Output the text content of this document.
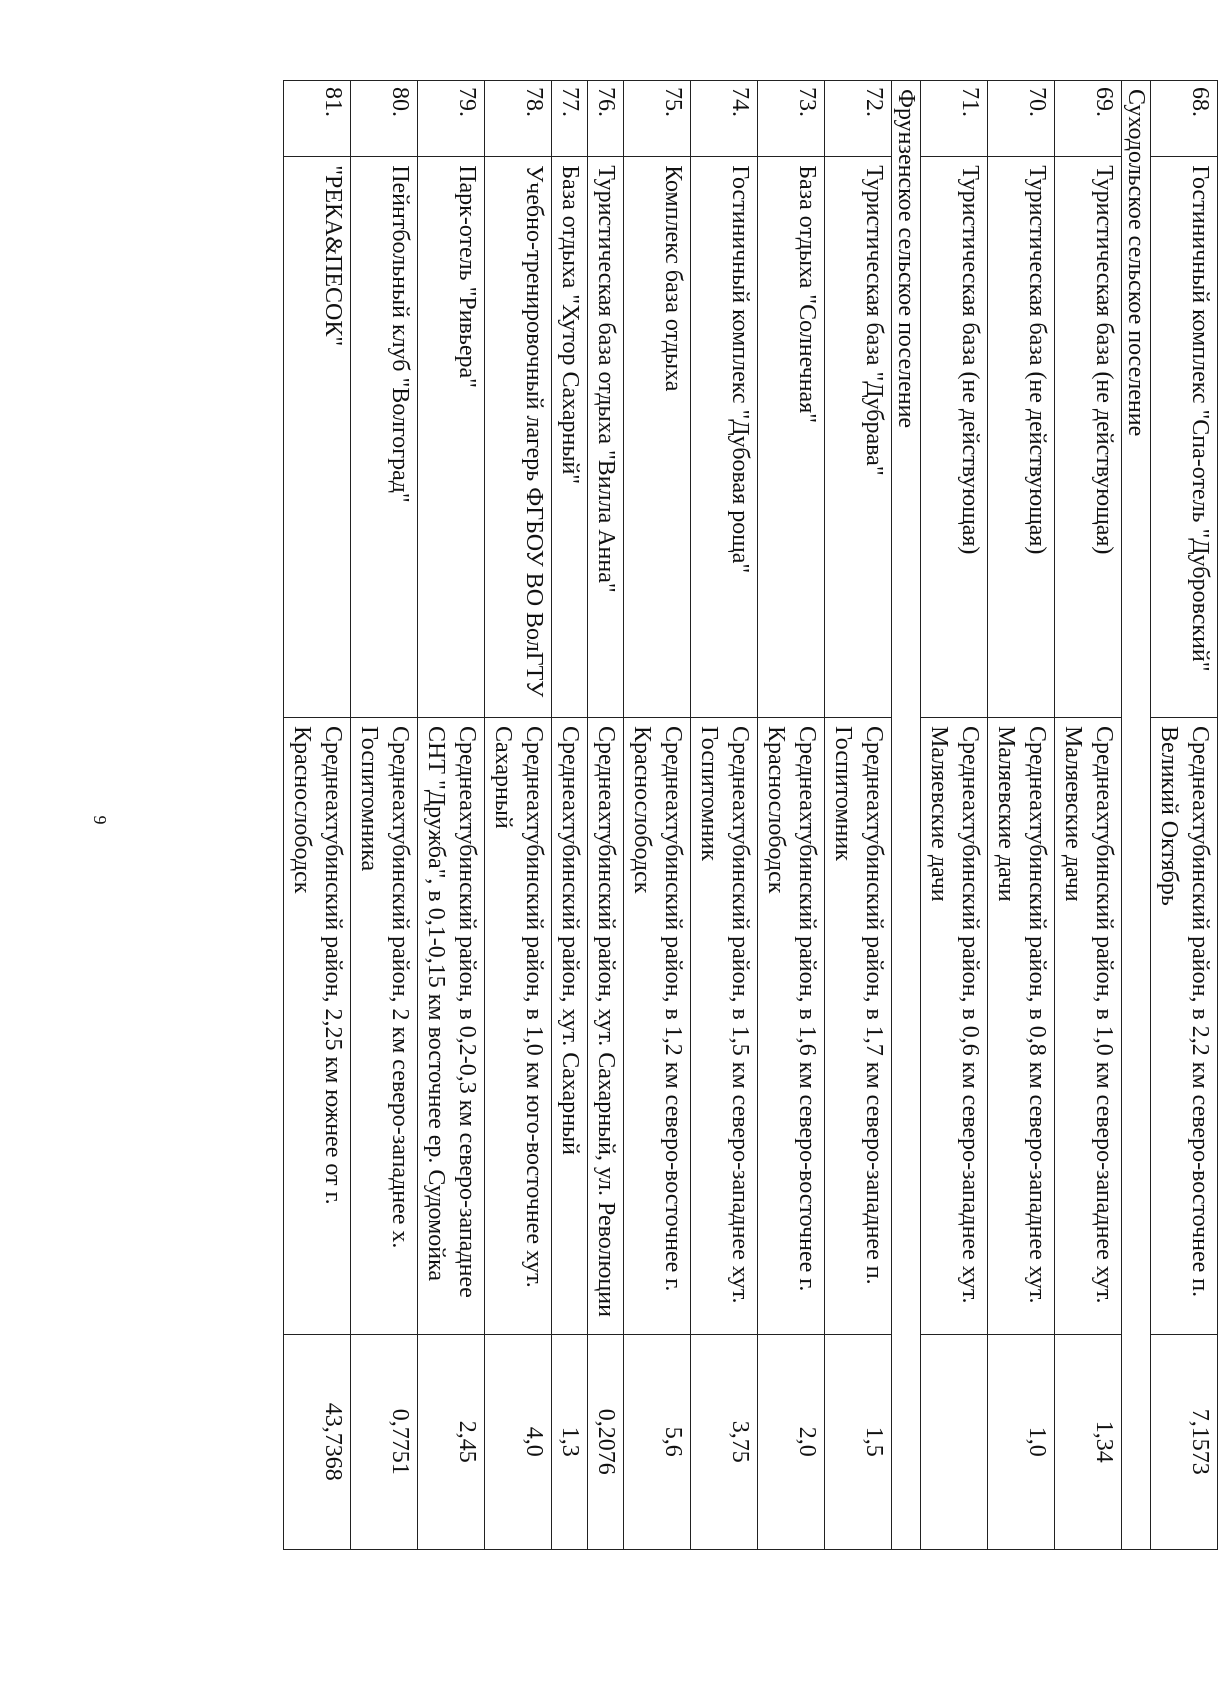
9
68.	Гостиничный комплекс "Спа-отель "Дубровский"	Среднеахтубинский район, в 2,2 км северо-восточнее п. Великий Октябрь	7,1573
Суходольское сельское поселение			
69.	Туристическая база (не действующая)	Среднеахтубинский район, в 1,0 км северо-западнее хут. Маляевские дачи	1,34
70.	Туристическая база (не действующая)	Среднеахтубинский район, в 0,8 км северо-западнее хут. Маляевские дачи	1,0
71.	Туристическая база (не действующая)	Среднеахтубинский район, в 0,6 км северо-западнее хут. Маляевские дачи	
Фрунзенское сельское поселение			
72.	Туристическая база "Дубрава"	Среднеахтубинский район, в 1,7 км северо-западнее п. Госпитомник	1,5
73.	База отдыха "Солнечная"	Среднеахтубинский район, в 1,6 км северо-восточнее г. Краснослободск	2,0
74.	Гостиничный комплекс "Дубовая роща"	Среднеахтубинский район, в 1,5 км северо-западнее хут. Госпитомник	3,75
75.	Комплекс база отдыха	Среднеахтубинский район, в 1,2 км северо-восточнее г. Краснослободск	5,6
76.	Туристическая база отдыха "Вилла Анна"	Среднеахтубинский район, хут. Сахарный, ул. Революции	0,2076
77.	База отдыха "Хутор Сахарный"	Среднеахтубинский район, хут. Сахарный	1,3
78.	Учебно-тренировочный лагерь ФГБОУ ВО ВолГТУ	Среднеахтубинский район, в 1,0 км юго-восточнее хут. Сахарный	4,0
79.	Парк-отель "Ривьера"	Среднеахтубинский район, в 0,2-0,3 км северо-западнее СНТ "Дружба", в 0,1-0,15 км восточнее ер. Судомойка	2,45
80.	Пейнтбольный клуб "Волгоград"	Среднеахтубинский район, 2 км северо-западнее х. Госпитомника	0,7751
81.	"РЕКА&ПЕСОК"	Среднеахтубинский район, 2,25 км южнее от г. Краснослободск	43,7368
